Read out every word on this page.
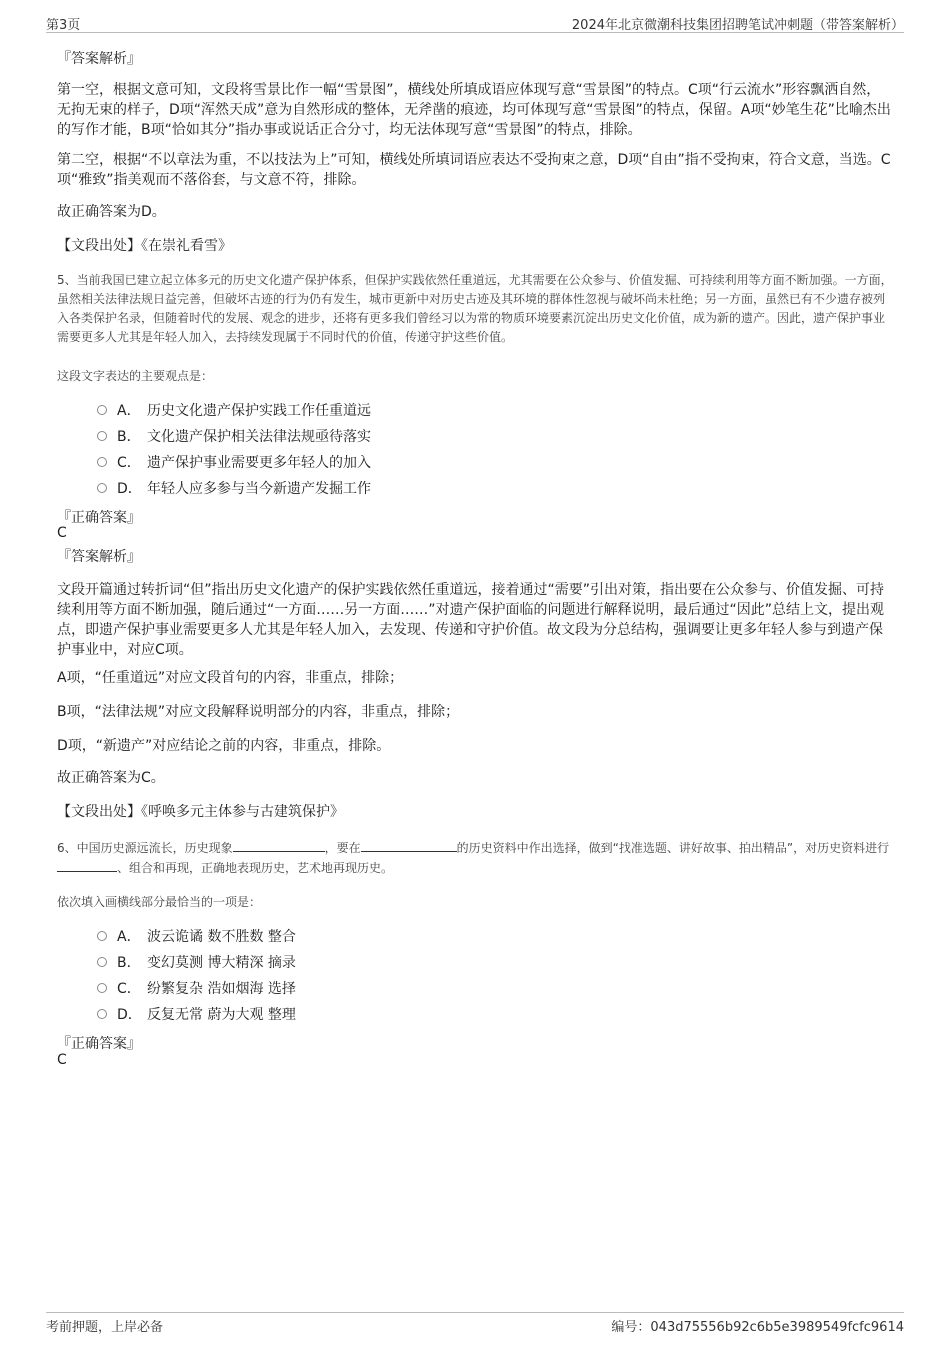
第3页	2024年北京微潮科技集团招聘笔试冲刺题（带答案解析）
『答案解析』
第一空，根据文意可知，文段将雪景比作一幅“雪景图”，横线处所填成语应体现写意“雪景图”的特点。C项“行云流水”形容飘洒自然，无拘无束的样子，D项“浑然天成”意为自然形成的整体，无斧凿的痕迹，均可体现写意“雪景图”的特点，保留。A项“妙笔生花”比喻杰出的写作才能，B项“恰如其分”指办事或说话正合分寸，均无法体现写意“雪景图”的特点，排除。
第二空，根据“不以章法为重，不以技法为上”可知，横线处所填词语应表达不受拘束之意，D项“自由”指不受拘束，符合文意，当选。C项“雅致”指美观而不落俗套，与文意不符，排除。
故正确答案为D。
【文段出处】《在崇礼看雪》
5、当前我国已建立起立体多元的历史文化遗产保护体系，但保护实践依然任重道远，尤其需要在公众参与、价值发掘、可持续利用等方面不断加强。一方面，虽然相关法律法规日益完善，但破坏古迹的行为仍有发生，城市更新中对历史古迹及其环境的群体性忽视与破坏尚未杜绝；另一方面，虽然已有不少遗存被列入各类保护名录，但随着时代的发展、观念的进步，还将有更多我们曾经习以为常的物质环境要素沉淀出历史文化价值，成为新的遗产。因此，遗产保护事业需要更多人尤其是年轻人加入，去持续发现属于不同时代的价值，传递守护这些价值。
这段文字表达的主要观点是：
A． 历史文化遗产保护实践工作任重道远
B． 文化遗产保护相关法律法规亟待落实
C． 遗产保护事业需要更多年轻人的加入
D． 年轻人应多参与当今新遗产发掘工作
『正确答案』
C
『答案解析』
文段开篇通过转折词“但”指出历史文化遗产的保护实践依然任重道远，接着通过“需要”引出对策，指出要在公众参与、价值发掘、可持续利用等方面不断加强，随后通过“一方面……另一方面……”对遗产保护面临的问题进行解释说明，最后通过“因此”总结上文，提出观点，即遗产保护事业需要更多人尤其是年轻人加入，去发现、传递和守护价值。故文段为分总结构，强调要让更多年轻人参与到遗产保护事业中，对应C项。
A项，“任重道远”对应文段首句的内容，非重点，排除；
B项，“法律法规”对应文段解释说明部分的内容，非重点，排除；
D项，“新遗产”对应结论之前的内容，非重点，排除。
故正确答案为C。
【文段出处】《呼唤多元主体参与古建筑保护》
6、中国历史源远流长，历史现象	，要在	的历史资料中作出选择，做到“找准选题、讲好故事、拍出精品”，对历史资料进行、组合和再现，正确地表现历史，艺术地再现历史。
依次填入画横线部分最恰当的一项是：
A． 波云诡谲 数不胜数 整合
B． 变幻莫测 博大精深 摘录
C． 纷繁复杂 浩如烟海 选择
D． 反复无常 蔚为大观 整理
『正确答案』
C
考前押题，上岸必备	编号：043d75556b92c6b5e3989549fcfc9614
